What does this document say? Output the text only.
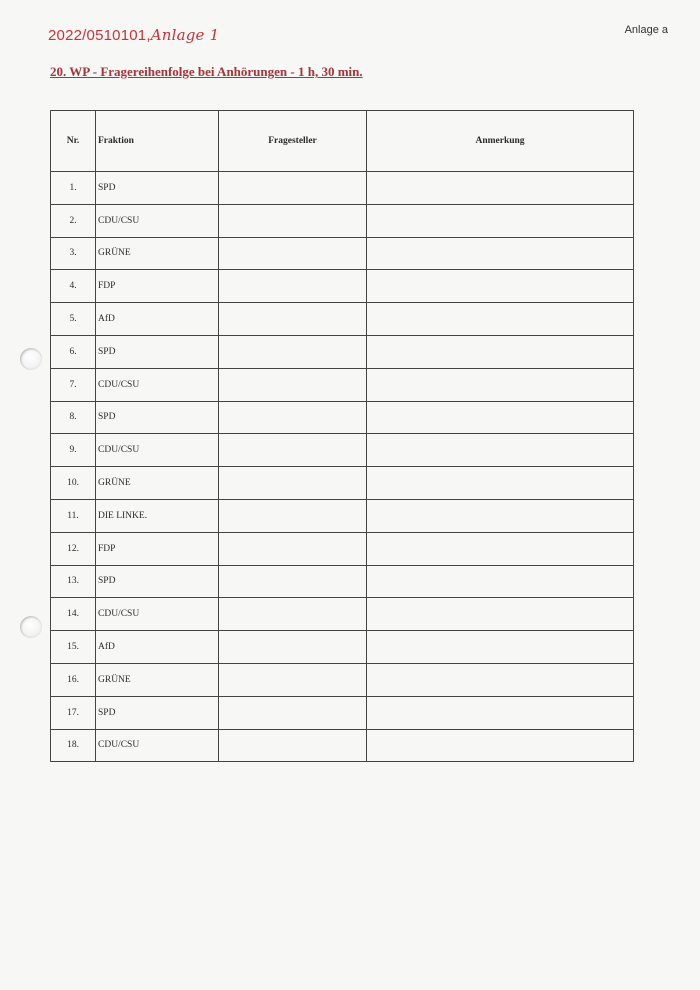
2022/0510101,Anlage 1	Anlage a
20. WP - Fragereihenfolge bei Anhörungen - 1 h, 30 min.
Nr.	Fraktion	Fragesteller	Anmerkung
1.	SPD		
2.	CDU/CSU		
3.	GRÜNE		
4.	FDP		
5.	AfD		
6.	SPD		
7.	CDU/CSU		
8.	SPD		
9.	CDU/CSU		
10.	GRÜNE		
11.	DIE LINKE.		
12.	FDP		
13.	SPD		
14.	CDU/CSU		
15.	AfD		
16.	GRÜNE		
17.	SPD		
18.	CDU/CSU		
